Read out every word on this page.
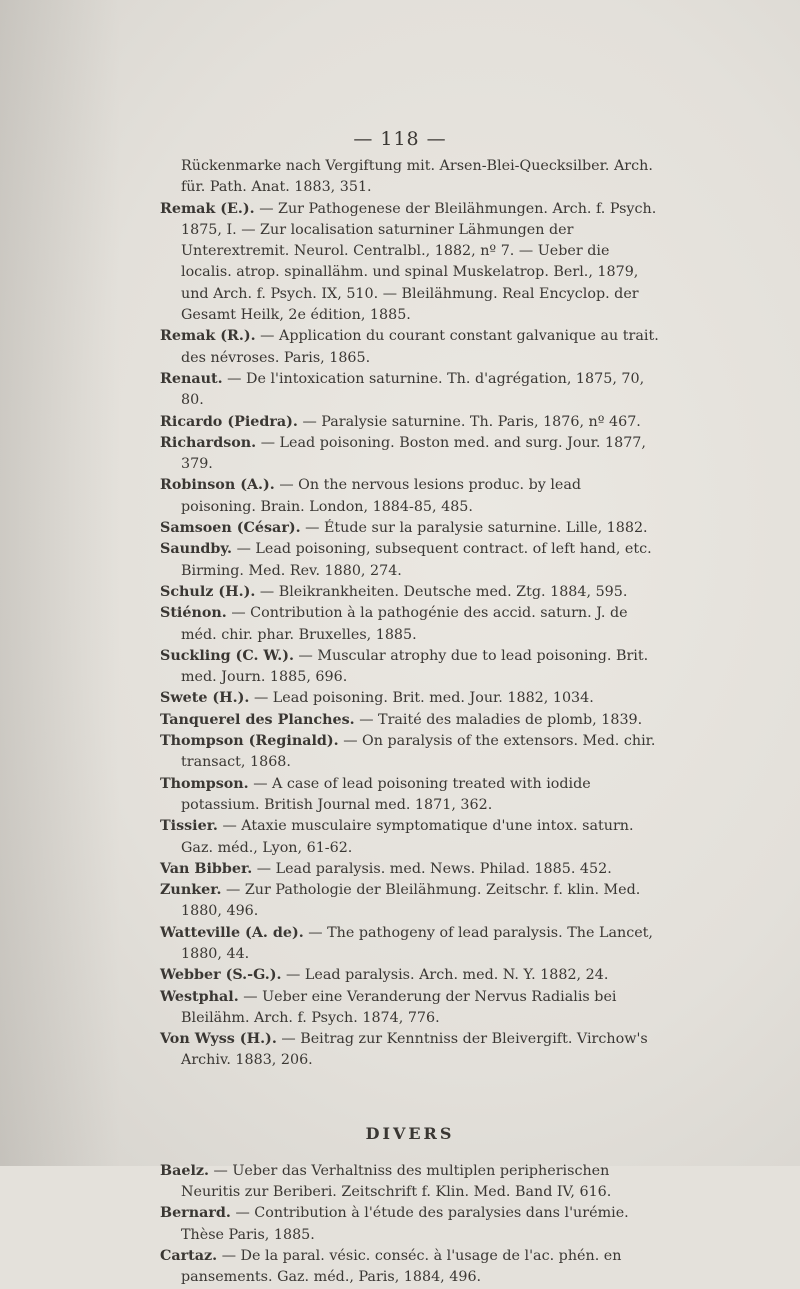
— 118 —
Rückenmarke nach Vergiftung mit. Arsen-Blei-Quecksilber. Arch. für. Path. Anat. 1883, 351.
Remak (E.). — Zur Pathogenese der Bleilähmungen. Arch. f. Psych. 1875, I. — Zur localisation saturniner Lähmungen der Unterextremit. Neurol. Centralbl., 1882, nº 7. — Ueber die localis. atrop. spinallähm. und spinal Muskelatrop. Berl., 1879, und Arch. f. Psych. IX, 510. — Bleilähmung. Real Encyclop. der Gesamt Heilk, 2e édition, 1885.
Remak (R.). — Application du courant constant galvanique au trait. des névroses. Paris, 1865.
Renaut. — De l'intoxication saturnine. Th. d'agrégation, 1875, 70, 80.
Ricardo (Piedra). — Paralysie saturnine. Th. Paris, 1876, nº 467.
Richardson. — Lead poisoning. Boston med. and surg. Jour. 1877, 379.
Robinson (A.). — On the nervous lesions produc. by lead poisoning. Brain. London, 1884-85, 485.
Samsoen (César). — Étude sur la paralysie saturnine. Lille, 1882.
Saundby. — Lead poisoning, subsequent contract. of left hand, etc. Birming. Med. Rev. 1880, 274.
Schulz (H.). — Bleikrankheiten. Deutsche med. Ztg. 1884, 595.
Stiénon. — Contribution à la pathogénie des accid. saturn. J. de méd. chir. phar. Bruxelles, 1885.
Suckling (C. W.). — Muscular atrophy due to lead poisoning. Brit. med. Journ. 1885, 696.
Swete (H.). — Lead poisoning. Brit. med. Jour. 1882, 1034.
Tanquerel des Planches. — Traité des maladies de plomb, 1839.
Thompson (Reginald). — On paralysis of the extensors. Med. chir. transact, 1868.
Thompson. — A case of lead poisoning treated with iodide potassium. British Journal med. 1871, 362.
Tissier. — Ataxie musculaire symptomatique d'une intox. saturn. Gaz. méd., Lyon, 61-62.
Van Bibber. — Lead paralysis. med. News. Philad. 1885. 452.
Zunker. — Zur Pathologie der Bleilähmung. Zeitschr. f. klin. Med. 1880, 496.
Watteville (A. de). — The pathogeny of lead paralysis. The Lancet, 1880, 44.
Webber (S.-G.). — Lead paralysis. Arch. med. N. Y. 1882, 24.
Westphal. — Ueber eine Veranderung der Nervus Radialis bei Bleilähm. Arch. f. Psych. 1874, 776.
Von Wyss (H.). — Beitrag zur Kenntniss der Bleivergift. Virchow's Archiv. 1883, 206.
DIVERS
Baelz. — Ueber das Verhaltniss des multiplen peripherischen Neuritis zur Beriberi. Zeitschrift f. Klin. Med. Band IV, 616.
Bernard. — Contribution à l'étude des paralysies dans l'urémie. Thèse Paris, 1885.
Cartaz. — De la paral. vésic. conséc. à l'usage de l'ac. phén. en pansements. Gaz. méd., Paris, 1884, 496.
